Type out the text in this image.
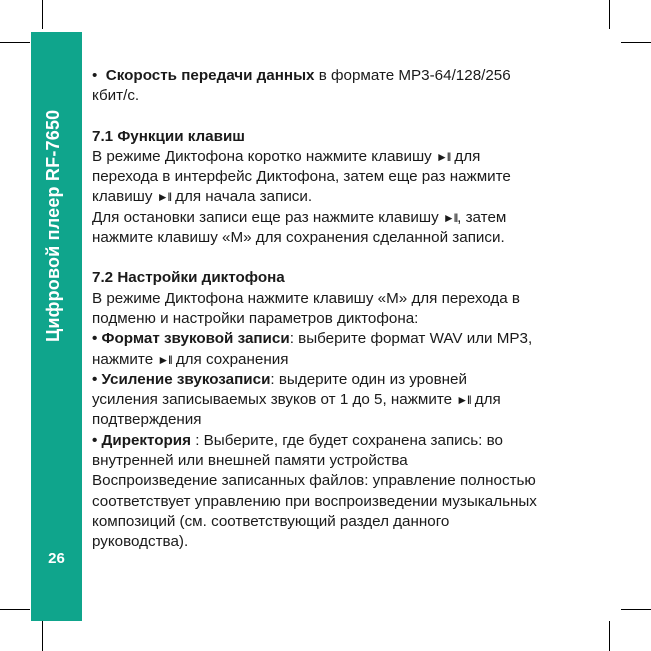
Цифровой плеер RF-7650
26

• Скорость передачи данных в формате MP3-64/128/256

кбит/с.

7.1 Функции клавиш

В режиме Диктофона коротко нажмите клавишу ►ll для

перехода в интерфейс Диктофона, затем еще раз нажмите

клавишу ►ll для начала записи.

Для остановки записи еще раз нажмите клавишу ►ll, затем

нажмите клавишу «M» для сохранения сделанной записи.

7.2 Настройки диктофона

В режиме Диктофона нажмите клавишу «M» для перехода в

подменю и настройки параметров диктофона:

• Формат звуковой записи: выберите формат WAV или MP3,

нажмите ►ll для сохранения

• Усиление звукозаписи: выдерите один из уровней

усиления записываемых звуков от 1 до 5, нажмите ►ll для

подтверждения

• Директория : Выберите, где будет сохранена запись: во

внутренней или внешней памяти устройства

Воспроизведение записанных файлов: управление полностью

соответствует управлению при воспроизведении музыкальных

композиций (см. соответствующий раздел данного

руководства).
